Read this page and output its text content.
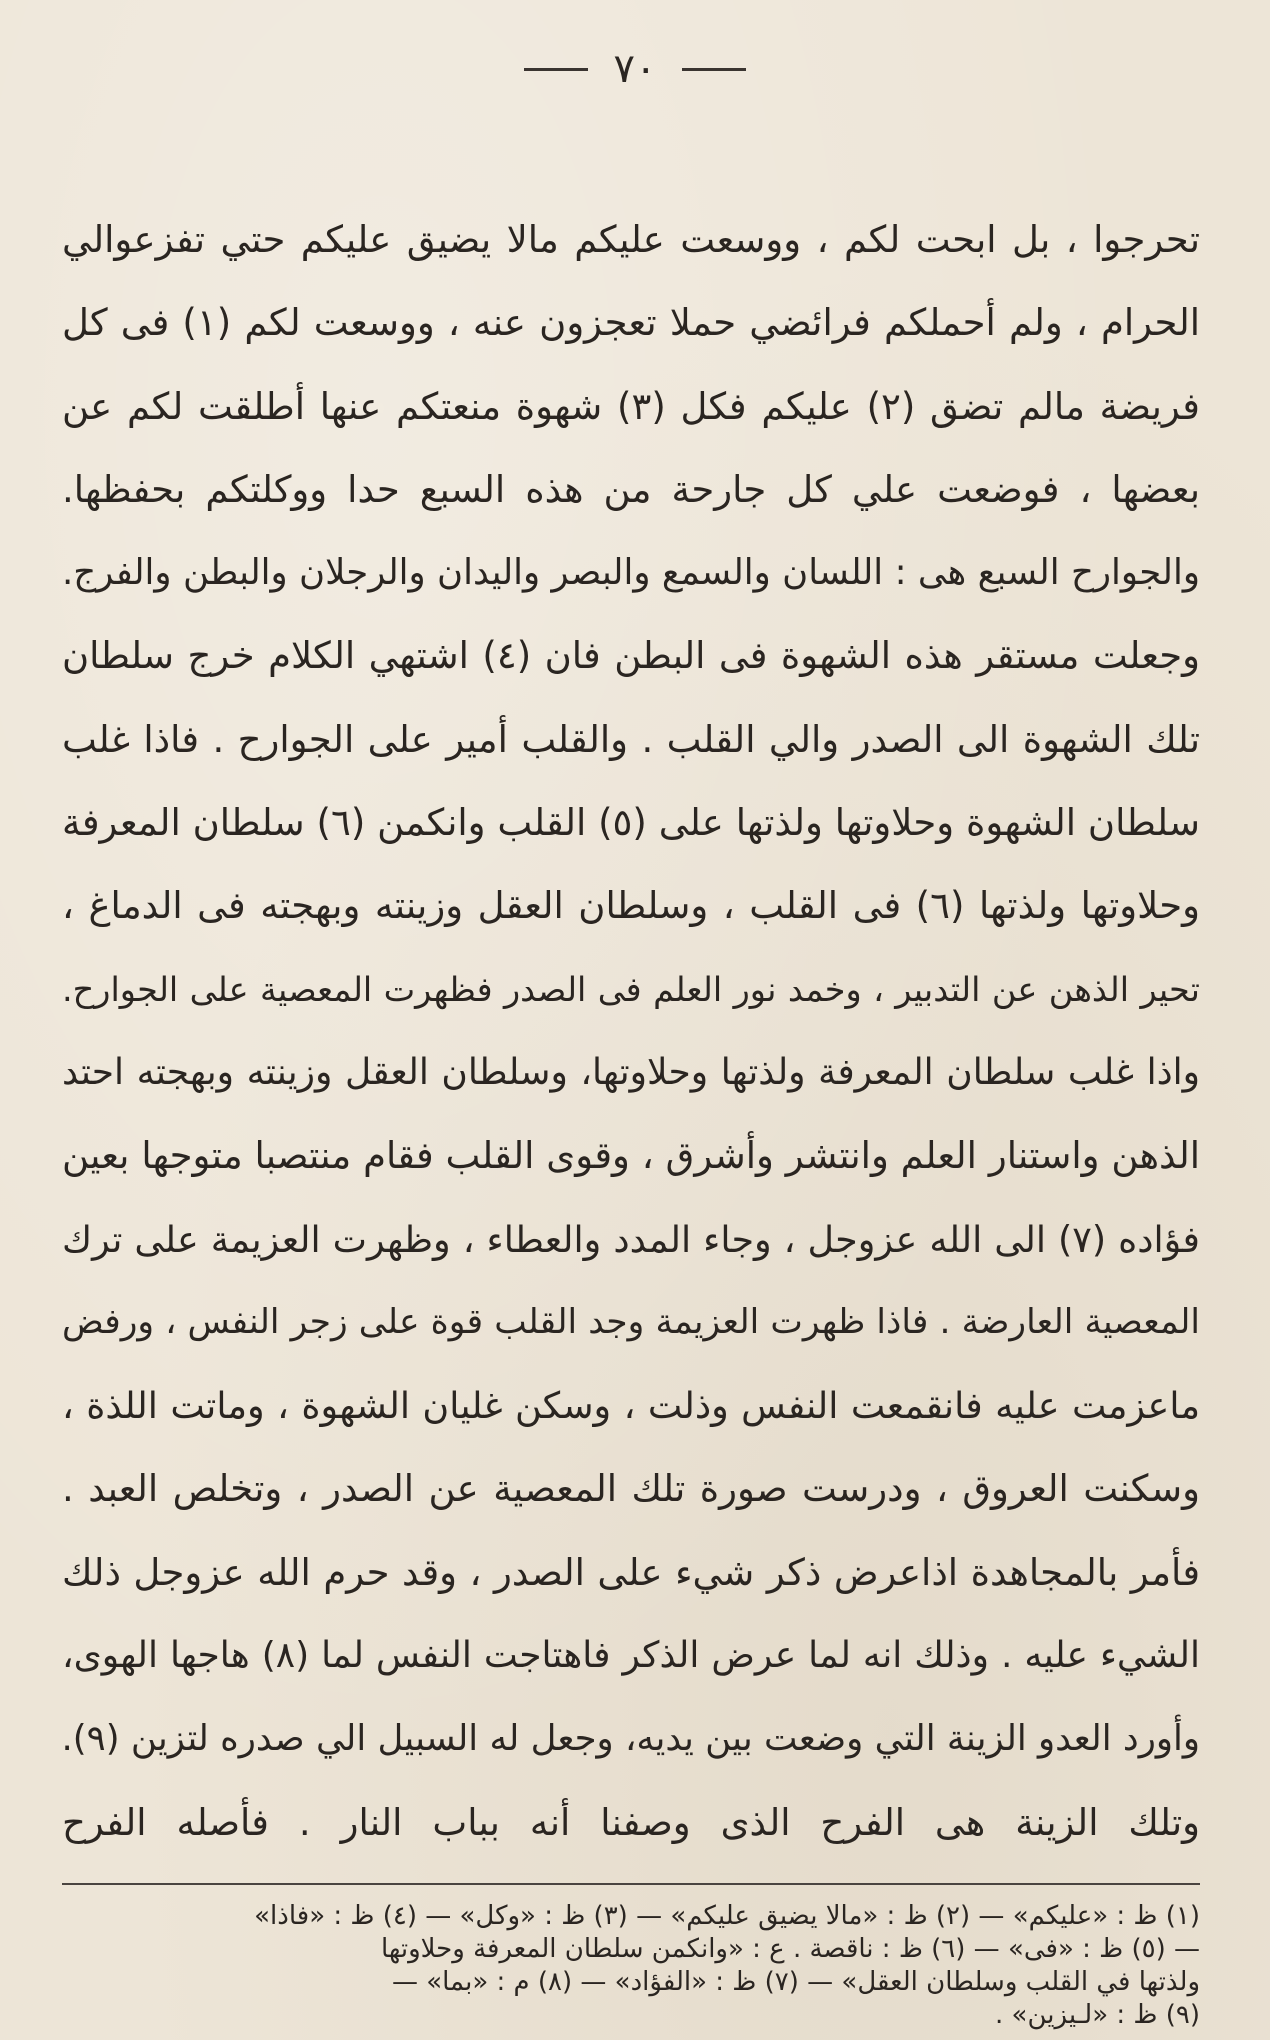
٧٠
تحرجوا ، بل ابحت لكم ، ووسعت عليكم مالا يضيق عليكم حتي تفزعوالي
الحرام ، ولم أحملكم فرائضي حملا تعجزون عنه ، ووسعت لكم (١) فى كل
فريضة مالم تضق (٢) عليكم فكل (٣) شهوة منعتكم عنها أطلقت لكم عن
بعضها ، فوضعت علي كل جارحة من هذه السبع حدا ووكلتكم بحفظها.
والجوارح السبع هى : اللسان والسمع والبصر واليدان والرجلان والبطن والفرج.
وجعلت مستقر هذه الشهوة فى البطن فان (٤) اشتهي الكلام خرج سلطان
تلك الشهوة الى الصدر والي القلب . والقلب أمير على الجوارح . فاذا غلب
سلطان الشهوة وحلاوتها ولذتها على (٥) القلب وانكمن (٦) سلطان المعرفة
وحلاوتها ولذتها (٦) فى القلب ، وسلطان العقل وزينته وبهجته فى الدماغ ،
تحير الذهن عن التدبير ، وخمد نور العلم فى الصدر فظهرت المعصية على الجوارح.
واذا غلب سلطان المعرفة ولذتها وحلاوتها، وسلطان العقل وزينته وبهجته احتد
الذهن واستنار العلم وانتشر وأشرق ، وقوى القلب فقام منتصبا متوجها بعين
فؤاده (٧) الى الله عزوجل ، وجاء المدد والعطاء ، وظهرت العزيمة على ترك
المعصية العارضة . فاذا ظهرت العزيمة وجد القلب قوة على زجر النفس ، ورفض
ماعزمت عليه فانقمعت النفس وذلت ، وسكن غليان الشهوة ، وماتت اللذة ،
وسكنت العروق ، ودرست صورة تلك المعصية عن الصدر ، وتخلص العبد .
فأمر بالمجاهدة اذاعرض ذكر شيء على الصدر ، وقد حرم الله عزوجل ذلك
الشيء عليه . وذلك انه لما عرض الذكر فاهتاجت النفس لما (٨) هاجها الهوى،
وأورد العدو الزينة التي وضعت بين يديه، وجعل له السبيل الي صدره لتزين (٩).
وتلك الزينة هى الفرح الذى وصفنا أنه بباب النار . فأصله الفرح
(١) ظ : «عليكم» — (٢) ظ : «مالا يضيق عليكم» — (٣) ظ : «وكل» — (٤) ظ : «فاذا»
— (٥) ظ : «فى» — (٦) ظ : ناقصة . ع : «وانكمن سلطان المعرفة وحلاوتها
ولذتها في القلب وسلطان العقل» — (٧) ظ : «الفؤاد» — (٨) م : «بما» —
(٩) ظ : «لـيزين» .
